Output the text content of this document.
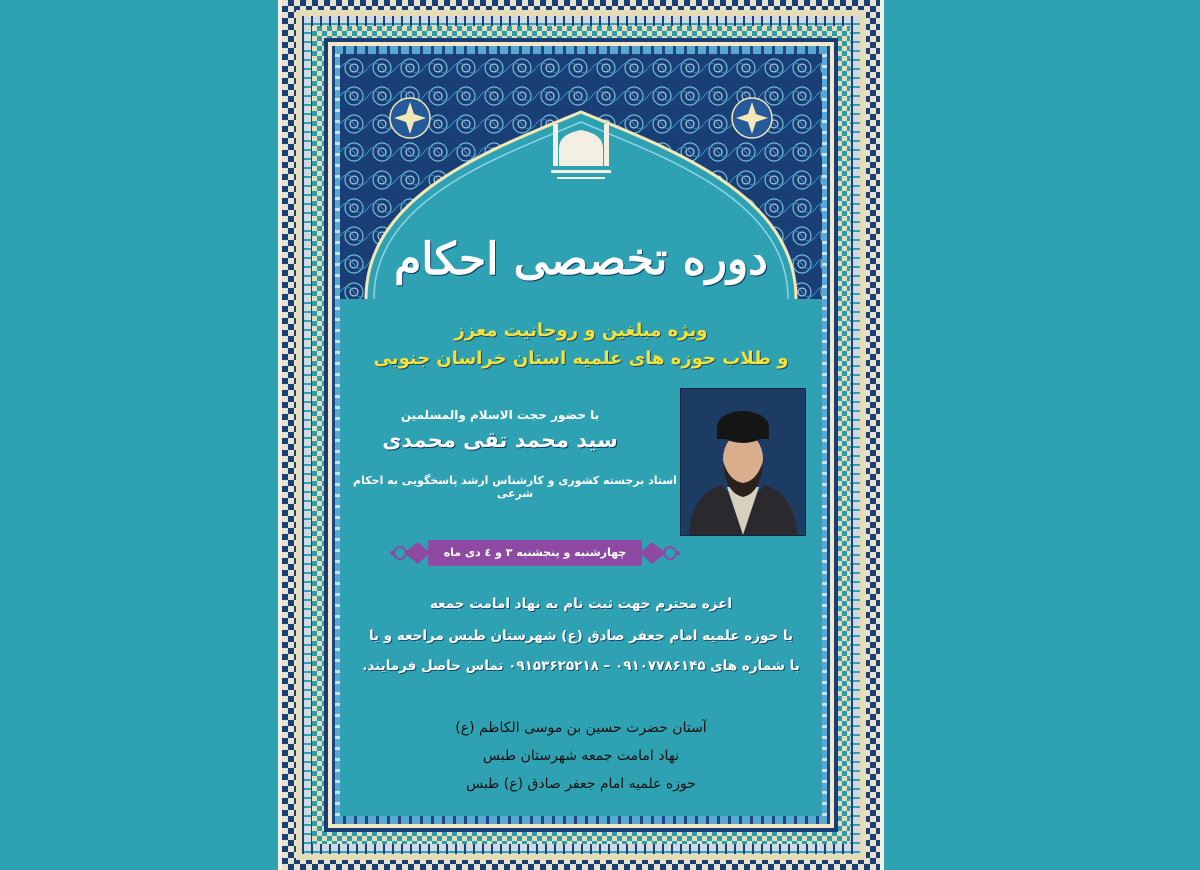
دوره تخصصی احکام
ویژه مبلغین و روحانیت معزز
و طلاب حوزه های علمیه استان خراسان جنوبی
با حضور حجت الاسلام والمسلمین
سید محمد تقی محمدی
استاد برجسته کشوری و کارشناس ارشد پاسخگویی به احکام شرعی
چهارشنبه و پنجشنبه ۳ و ٤ دی ماه
اعزه محترم جهت ثبت نام به نهاد امامت جمعه
یا حوزه علمیه امام جعفر صادق (ع) شهرستان طبس مراجعه و یا
با شماره های ۰۹۱۰۷۷۸۶۱۴۵ – ۰۹۱۵۳۶۲۵۲۱۸ تماس حاصل فرمایند.
آستان حضرت حسین بن موسی الکاظم (ع)
نهاد امامت جمعه شهرستان طبس
حوزه علمیه امام جعفر صادق (ع) طبس
